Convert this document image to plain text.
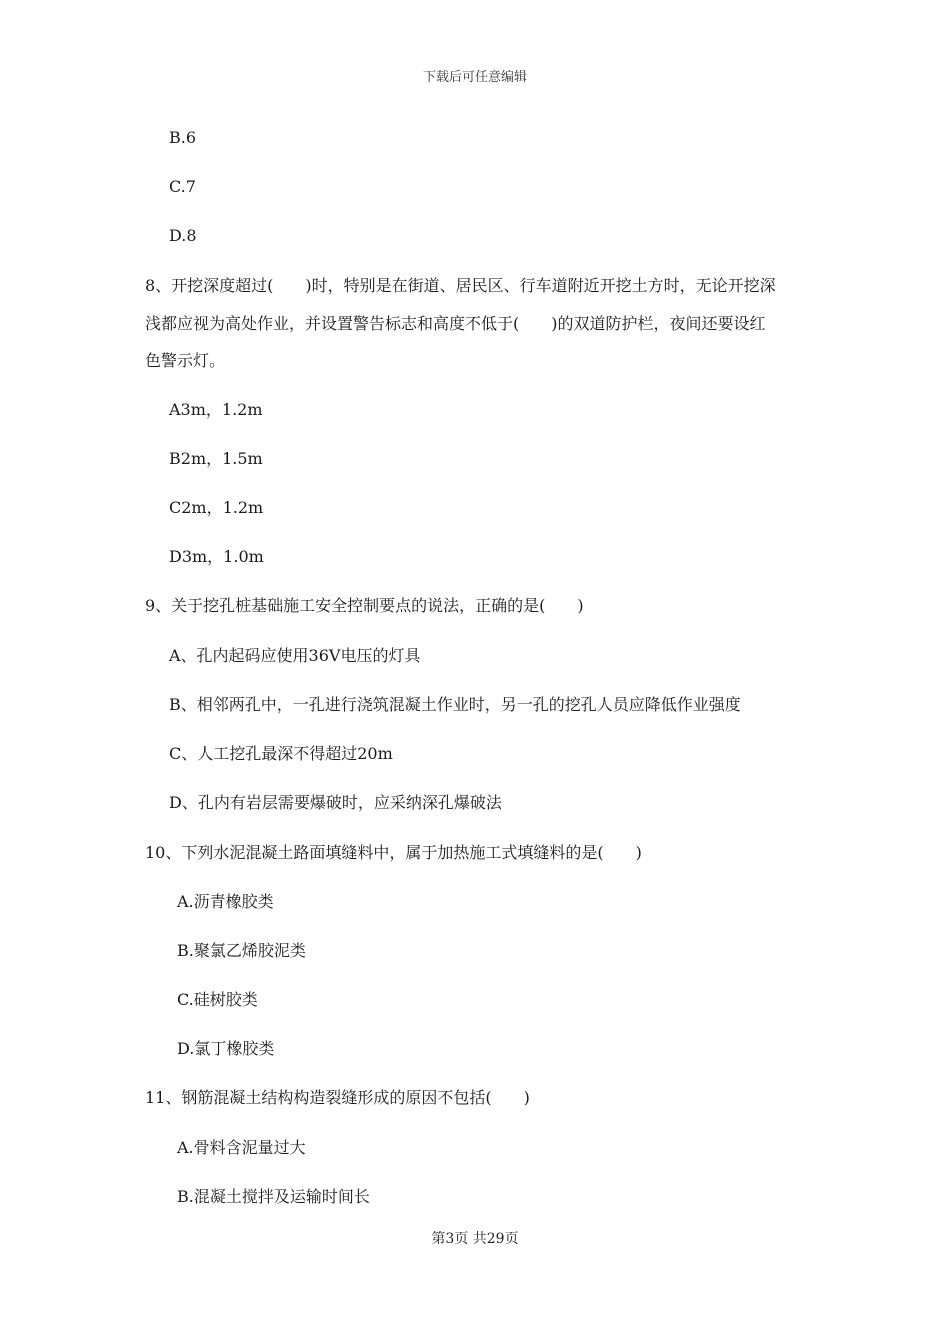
下载后可任意编辑
B.6
C.7
D.8
8、开挖深度超过(　　)时，特别是在街道、居民区、行车道附近开挖土方时，无论开挖深
浅都应视为高处作业，并设置警告标志和高度不低于(　　)的双道防护栏，夜间还要设红
色警示灯。
A3m，1.2m
B2m，1.5m
C2m，1.2m
D3m，1.0m
9、关于挖孔桩基础施工安全控制要点的说法，正确的是(　　)
A、孔内起码应使用36V电压的灯具
B、相邻两孔中，一孔进行浇筑混凝土作业时，另一孔的挖孔人员应降低作业强度
C、人工挖孔最深不得超过20m
D、孔内有岩层需要爆破时，应采纳深孔爆破法
10、下列水泥混凝土路面填缝料中，属于加热施工式填缝料的是(　　)
A.沥青橡胶类
B.聚氯乙烯胶泥类
C.硅树胶类
D.氯丁橡胶类
11、钢筋混凝土结构构造裂缝形成的原因不包括(　　)
A.骨料含泥量过大
B.混凝土搅拌及运输时间长
第3页 共29页
